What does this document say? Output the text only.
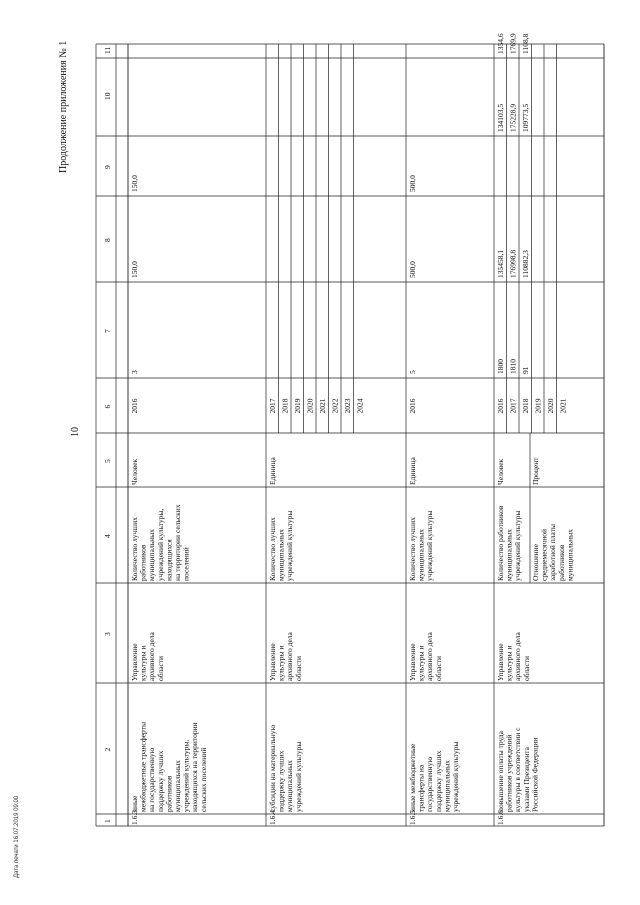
10
Продолжение приложения № 1
Дата печати 16.07.2019 09:00	1
2
3
4
5
6
7
8
9
10
11
2016
3
150,0
150,0
1.6.3.
иные межбюджетные трансферты на государственную поддержку лучших работников муниципальных учреждений культуры, находящихся на территории сельских поселений
Управление культуры и архивного дела области
Количество лучших работников муниципальных учреждений культуры, находящихся на территории сельских поселений
Человек
2017 2018 2019 2020 2021 2022 2023 2024
1.6.4.
субсидии на материальную поддержку лучших муниципальных учреждений культуры
Управление культуры и архивного дела области
Количество лучших муниципальных учреждений культуры
Единица
2016
5
500,0
500,0
1.6.5.
иные межбюджетные трансферты на государственную поддержку лучших муниципальных учреждений культуры
Управление культуры и архивного дела области
Количество лучших муниципальных учреждений культуры
Единица
2016
1800
135458,1
134103,5
1354,6
2017
1810
176998,8
175228,9
1769,9
2018
91
110882,3
109773,5
1108,8
2019 2020 2021
1.6.6.
повышение оплаты труда работников учреждений культуры в соответствии с указами Президента Российской Федерации
Управление культуры и архивного дела области
Количество работников муниципальных учреждений культуры
Человек
Отношение среднемесячной заработной платы работников муниципальных
Процент
